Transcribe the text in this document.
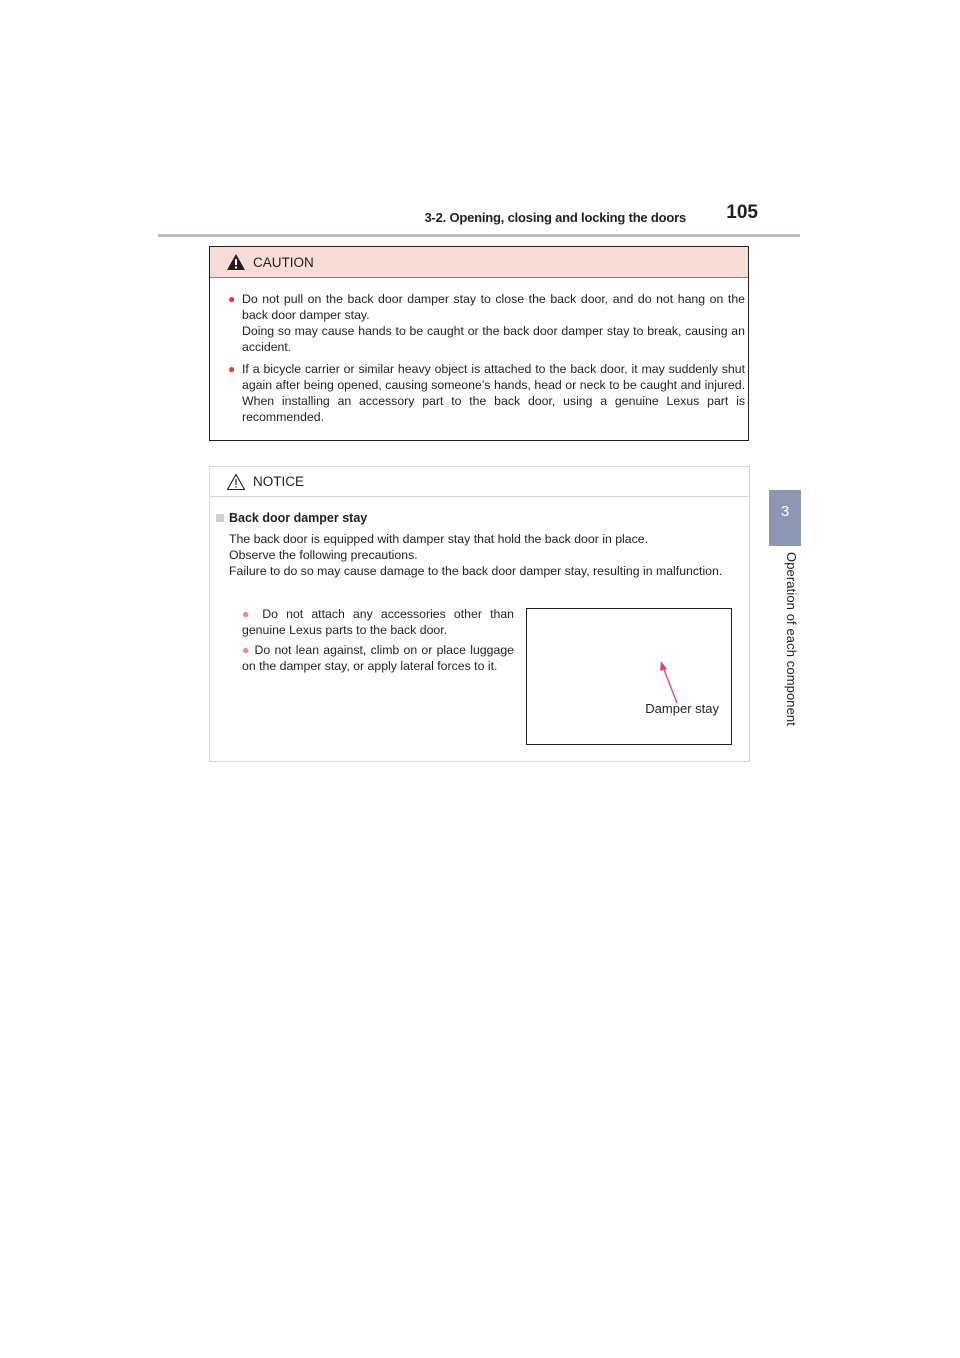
3-2. Opening, closing and locking the doors 105
3
Operation of each component
CAUTION
● Do not pull on the back door damper stay to close the back door, and do not hang on the back door damper stay.
Doing so may cause hands to be caught or the back door damper stay to break, causing an accident.
● If a bicycle carrier or similar heavy object is attached to the back door, it may suddenly shut again after being opened, causing someone’s hands, head or neck to be caught and injured. When installing an accessory part to the back door, using a genuine Lexus part is recommended.
NOTICE
Back door damper stay
The back door is equipped with damper stay that hold the back door in place.
Observe the following precautions.
Failure to do so may cause damage to the back door damper stay, resulting in malfunction.
● Do not attach any accessories other than genuine Lexus parts to the back door.
● Do not lean against, climb on or place luggage on the damper stay, or apply lateral forces to it.
Damper stay
